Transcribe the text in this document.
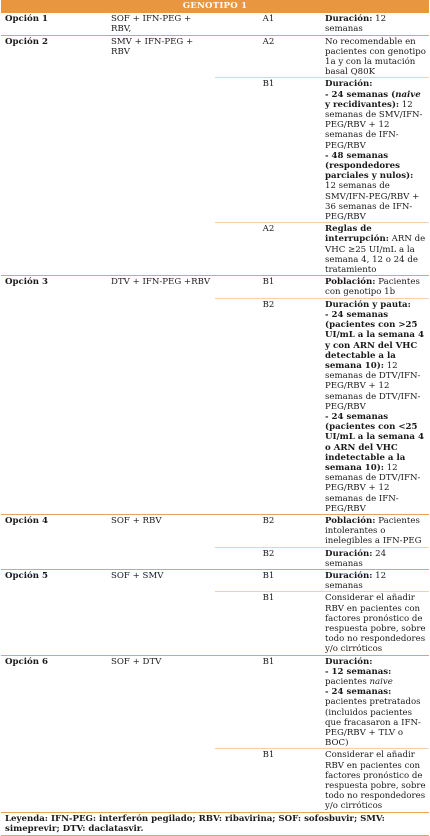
GENOTIPO 1			
Opción 1	SOF + IFN-PEG + RBV,	A1	Duración: 12 semanas
Opción 2	SMV + IFN-PEG + RBV	A2	No recomendable en pacientes con genotipo 1a y con la mutación basal Q80K
		B1	Duración:
- 24 semanas (naive y recidivantes): 12 semanas de SMV/IFN-PEG/RBV + 12 semanas de IFN-PEG/RBV
- 48 semanas (respondedores parciales y nulos): 12 semanas de SMV/IFN-PEG/RBV + 36 semanas de IFN-PEG/RBV

		A2	Reglas de interrupción: ARN de VHC ≥25 UI/mL a la semana 4, 12 o 24 de tratamiento
Opción 3	DTV + IFN-PEG +RBV	B1	Población: Pacientes con genotipo 1b
		B2	Duración y pauta:
- 24 semanas (pacientes con >25 UI/mL a la semana 4 y con ARN del VHC detectable a la semana 10): 12 semanas de DTV/IFN-PEG/RBV + 12 semanas de DTV/IFN-PEG/RBV
- 24 semanas (pacientes con <25 UI/mL a la semana 4 o ARN del VHC indetectable a la semana 10): 12 semanas de DTV/IFN-PEG/RBV + 12 semanas de IFN-PEG/RBV

Opción 4	SOF + RBV	B2	Población: Pacientes intolerantes o inelegibles a IFN-PEG
		B2	Duración: 24 semanas
Opción 5	SOF + SMV	B1	Duración: 12 semanas
		B1	Considerar el añadir RBV en pacientes con factores pronóstico de respuesta pobre, sobre todo no respondedores y/o cirróticos
Opción 6	SOF + DTV	B1	Duración:
- 12 semanas: pacientes naive
- 24 semanas: pacientes pretratados (incluidos pacientes que fracasaron a IFN-PEG/RBV + TLV o BOC)

		B1	Considerar el añadir RBV en pacientes con factores pronóstico de respuesta pobre, sobre todo no respondedores y/o cirróticos
Leyenda: IFN-PEG: interferón pegilado; RBV: ribavirina; SOF: sofosbuvir; SMV: simeprevir; DTV: daclatasvir.			
